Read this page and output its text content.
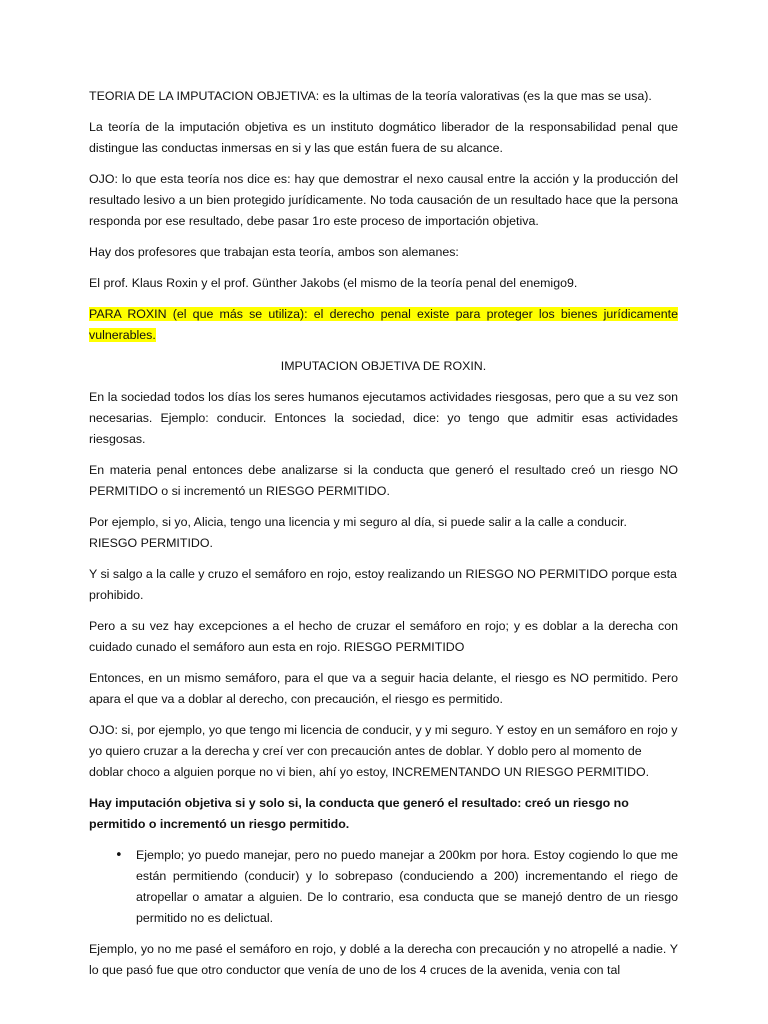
TEORIA DE LA IMPUTACION OBJETIVA: es la ultimas de la teoría valorativas (es la que mas se usa).

La teoría de la imputación objetiva es un instituto dogmático liberador de la responsabilidad penal que distingue las conductas inmersas en si y las que están fuera de su alcance.

OJO: lo que esta teoría nos dice es: hay que demostrar el nexo causal entre la acción y la producción del resultado lesivo a un bien protegido jurídicamente. No toda causación de un resultado hace que la persona responda por ese resultado, debe pasar 1ro este proceso de importación objetiva.

Hay dos profesores que trabajan esta teoría, ambos son alemanes:

El prof. Klaus Roxin y el prof. Günther Jakobs (el mismo de la teoría penal del enemigo9.

PARA ROXIN (el que más se utiliza): el derecho penal existe para proteger los bienes jurídicamente vulnerables.

IMPUTACION OBJETIVA DE ROXIN.

En la sociedad todos los días los seres humanos ejecutamos actividades riesgosas, pero que a su vez son necesarias. Ejemplo: conducir. Entonces la sociedad, dice: yo tengo que admitir esas actividades riesgosas.

En materia penal entonces debe analizarse si la conducta que generó el resultado creó un riesgo NO PERMITIDO o si incrementó un RIESGO PERMITIDO.

Por ejemplo, si yo, Alicia, tengo una licencia y mi seguro al día, si puede salir a la calle a conducir. RIESGO PERMITIDO.

Y si salgo a la calle y cruzo el semáforo en rojo, estoy realizando un RIESGO NO PERMITIDO porque esta prohibido.

Pero a su vez hay excepciones a el hecho de cruzar el semáforo en rojo; y es doblar a la derecha con cuidado cunado el semáforo aun esta en rojo. RIESGO PERMITIDO

Entonces, en un mismo semáforo, para el que va a seguir hacia delante, el riesgo es NO permitido. Pero apara el que va a doblar al derecho, con precaución, el riesgo es permitido.

OJO: si, por ejemplo, yo que tengo mi licencia de conducir, y y mi seguro. Y estoy en un semáforo en rojo y yo quiero cruzar a la derecha y creí ver con precaución antes de doblar. Y doblo pero al momento de doblar choco a alguien porque no vi bien, ahí yo estoy, INCREMENTANDO UN RIESGO PERMITIDO.

Hay imputación objetiva si y solo si, la conducta que generó el resultado: creó un riesgo no permitido o incrementó un riesgo permitido.

• Ejemplo; yo puedo manejar, pero no puedo manejar a 200km por hora. Estoy cogiendo lo que me están permitiendo (conducir) y lo sobrepaso (conduciendo a 200) incrementando el riego de atropellar o amatar a alguien. De lo contrario, esa conducta que se manejó dentro de un riesgo permitido no es delictual.

Ejemplo, yo no me pasé el semáforo en rojo, y doblé a la derecha con precaución y no atropellé a nadie. Y lo que pasó fue que otro conductor que venía de uno de los 4 cruces de la avenida, venia con tal
